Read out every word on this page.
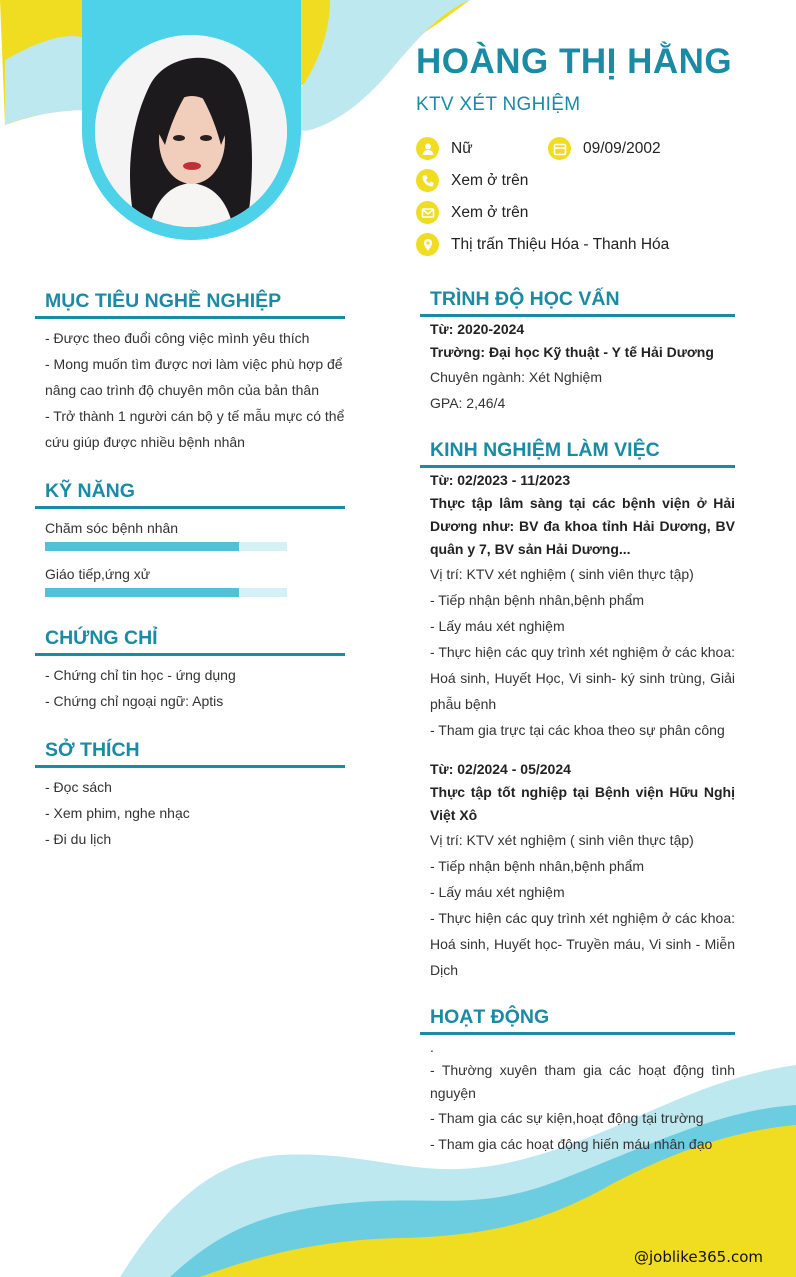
HOÀNG THỊ HẰNG
KTV XÉT NGHIỆM
Nữ	09/09/2002
Xem ở trên
Xem ở trên
Thị trấn Thiệu Hóa - Thanh Hóa
MỤC TIÊU NGHỀ NGHIỆP

- Được theo đuổi công việc mình yêu thích

- Mong muốn tìm được nơi làm việc phù hợp để nâng cao trình độ chuyên môn của bản thân

- Trở thành 1 người cán bộ y tế mẫu mực có thể cứu giúp được nhiều bệnh nhân

KỸ NĂNG
Chăm sóc bệnh nhân
Giáo tiếp,ứng xử
CHỨNG CHỈ

- Chứng chỉ tin học - ứng dụng

- Chứng chỉ ngoại ngữ: Aptis

SỞ THÍCH

- Đọc sách

- Xem phim, nghe nhạc

- Đi du lịch

TRÌNH ĐỘ HỌC VẤN

Từ: 2020-2024

Trường: Đại học Kỹ thuật - Y tế Hải Dương

Chuyên ngành: Xét Nghiệm

GPA: 2,46/4

KINH NGHIỆM LÀM VIỆC

Từ: 02/2023 - 11/2023

Thực tập lâm sàng tại các bệnh viện ở Hải Dương như: BV đa khoa tỉnh Hải Dương, BV quân y 7, BV sản Hải Dương...

Vị trí: KTV xét nghiệm ( sinh viên thực tập)

- Tiếp nhận bệnh nhân,bệnh phẩm

- Lấy máu xét nghiệm

- Thực hiện các quy trình xét nghiệm ở các khoa: Hoá sinh, Huyết Học, Vi sinh- ký sinh trùng, Giải phẫu bệnh

- Tham gia trực tại các khoa theo sự phân công

Từ: 02/2024 - 05/2024

Thực tập tốt nghiệp tại Bệnh viện Hữu Nghị Việt Xô

Vị trí: KTV xét nghiệm ( sinh viên thực tập)

- Tiếp nhận bệnh nhân,bệnh phẩm

- Lấy máu xét nghiệm

- Thực hiện các quy trình xét nghiệm ở các khoa: Hoá sinh, Huyết học- Truyền máu, Vi sinh - Miễn Dịch

HOẠT ĐỘNG

.

- Thường xuyên tham gia các hoạt động tình nguyện

- Tham gia các sự kiện,hoạt động tại trường

- Tham gia các hoạt động hiến máu nhân đạo

@joblike365.com
